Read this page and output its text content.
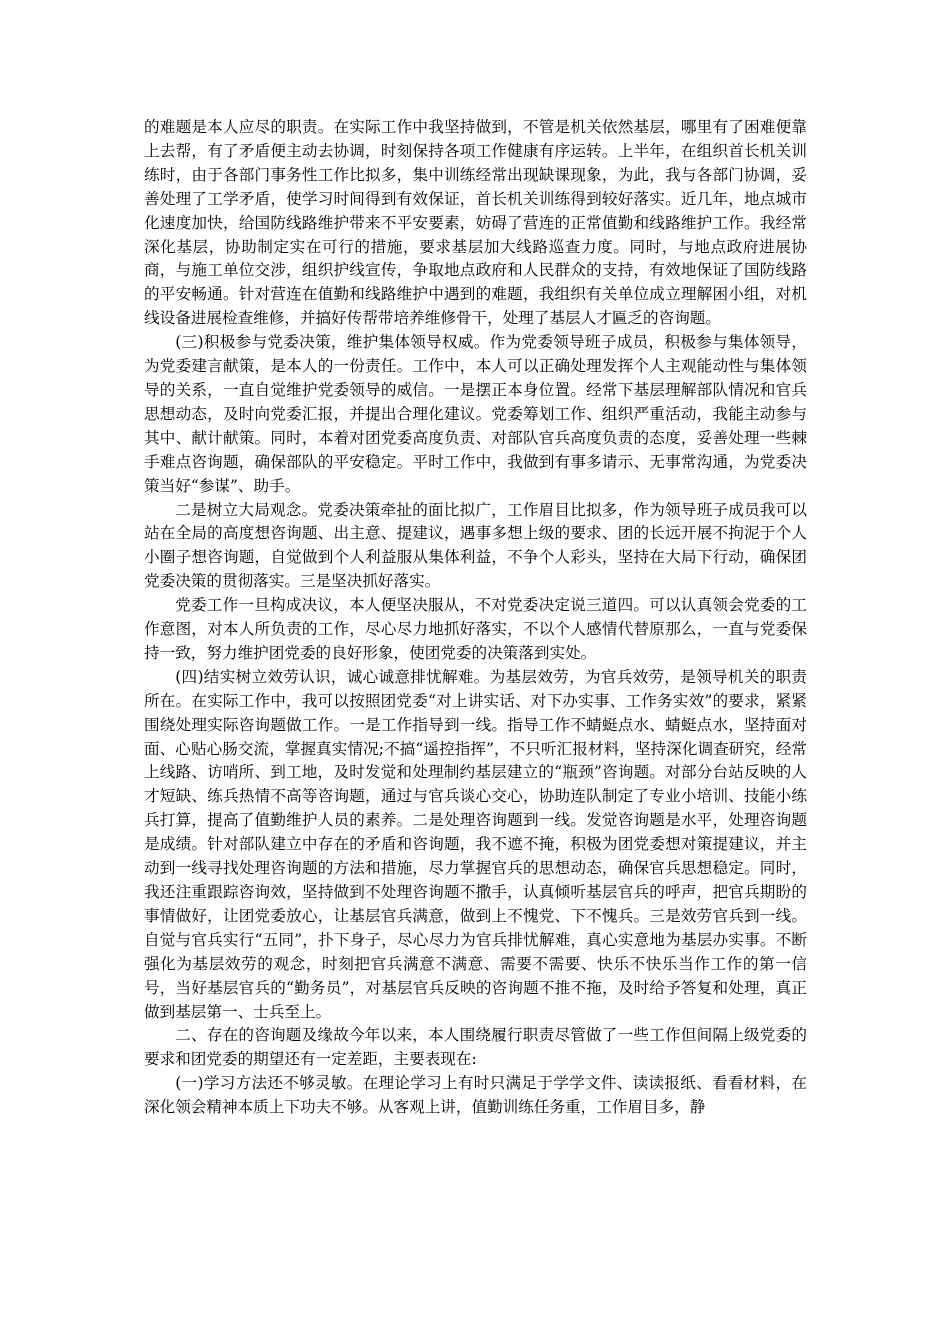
的难题是本人应尽的职责。在实际工作中我坚持做到，不管是机关依然基层，哪里有了困难便靠上去帮，有了矛盾便主动去协调，时刻保持各项工作健康有序运转。上半年，在组织首长机关训练时，由于各部门事务性工作比拟多，集中训练经常出现缺课现象，为此，我与各部门协调，妥善处理了工学矛盾，使学习时间得到有效保证，首长机关训练得到较好落实。近几年，地点城市化速度加快，给国防线路维护带来不平安要素，妨碍了营连的正常值勤和线路维护工作。我经常深化基层，协助制定实在可行的措施，要求基层加大线路巡查力度。同时，与地点政府进展协商，与施工单位交涉，组织护线宣传，争取地点政府和人民群众的支持，有效地保证了国防线路的平安畅通。针对营连在值勤和线路维护中遇到的难题，我组织有关单位成立理解困小组，对机线设备进展检查维修，并搞好传帮带培养维修骨干，处理了基层人才匾乏的咨询题。

(三)积极参与党委决策，维护集体领导权威。作为党委领导班子成员，积极参与集体领导，为党委建言献策，是本人的一份责任。工作中，本人可以正确处理发挥个人主观能动性与集体领导的关系，一直自觉维护党委领导的威信。一是摆正本身位置。经常下基层理解部队情况和官兵思想动态，及时向党委汇报，并提出合理化建议。党委筹划工作、组织严重活动，我能主动参与其中、献计献策。同时，本着对团党委高度负责、对部队官兵高度负责的态度，妥善处理一些棘手难点咨询题，确保部队的平安稳定。平时工作中，我做到有事多请示、无事常沟通，为党委决策当好“参谋”、助手。

二是树立大局观念。党委决策牵扯的面比拟广，工作眉目比拟多，作为领导班子成员我可以站在全局的高度想咨询题、出主意、提建议，遇事多想上级的要求、团的长远开展不拘泥于个人小圈子想咨询题，自觉做到个人利益服从集体利益，不争个人彩头，坚持在大局下行动，确保团党委决策的贯彻落实。三是坚决抓好落实。

党委工作一旦构成决议，本人便坚决服从，不对党委决定说三道四。可以认真领会党委的工作意图，对本人所负责的工作，尽心尽力地抓好落实，不以个人感情代替原那么，一直与党委保持一致，努力维护团党委的良好形象，使团党委的决策落到实处。

(四)结实树立效劳认识，诚心诚意排忧解难。为基层效劳，为官兵效劳，是领导机关的职责所在。在实际工作中，我可以按照团党委“对上讲实话、对下办实事、工作务实效”的要求，紧紧围绕处理实际咨询题做工作。一是工作指导到一线。指导工作不蜻蜓点水、蜻蜓点水，坚持面对面、心贴心肠交流，掌握真实情况;不搞“遥控指挥”，不只听汇报材料，坚持深化调查研究，经常上线路、访哨所、到工地，及时发觉和处理制约基层建立的“瓶颈”咨询题。对部分台站反映的人才短缺、练兵热情不高等咨询题，通过与官兵谈心交心，协助连队制定了专业小培训、技能小练兵打算，提高了值勤维护人员的素养。二是处理咨询题到一线。发觉咨询题是水平，处理咨询题是成绩。针对部队建立中存在的矛盾和咨询题，我不遮不掩，积极为团党委想对策提建议，并主动到一线寻找处理咨询题的方法和措施，尽力掌握官兵的思想动态，确保官兵思想稳定。同时，我还注重跟踪咨询效，坚持做到不处理咨询题不撒手，认真倾听基层官兵的呼声，把官兵期盼的事情做好，让团党委放心，让基层官兵满意，做到上不愧党、下不愧兵。三是效劳官兵到一线。自觉与官兵实行“五同”，扑下身子，尽心尽力为官兵排忧解难，真心实意地为基层办实事。不断强化为基层效劳的观念，时刻把官兵满意不满意、需要不需要、快乐不快乐当作工作的第一信号，当好基层官兵的“勤务员”，对基层官兵反映的咨询题不推不拖，及时给予答复和处理，真正做到基层第一、士兵至上。

二、存在的咨询题及缘故今年以来，本人围绕履行职责尽管做了一些工作但间隔上级党委的要求和团党委的期望还有一定差距，主要表现在:

(一)学习方法还不够灵敏。在理论学习上有时只满足于学学文件、读读报纸、看看材料，在深化领会精神本质上下功夫不够。从客观上讲，值勤训练任务重，工作眉目多，静
